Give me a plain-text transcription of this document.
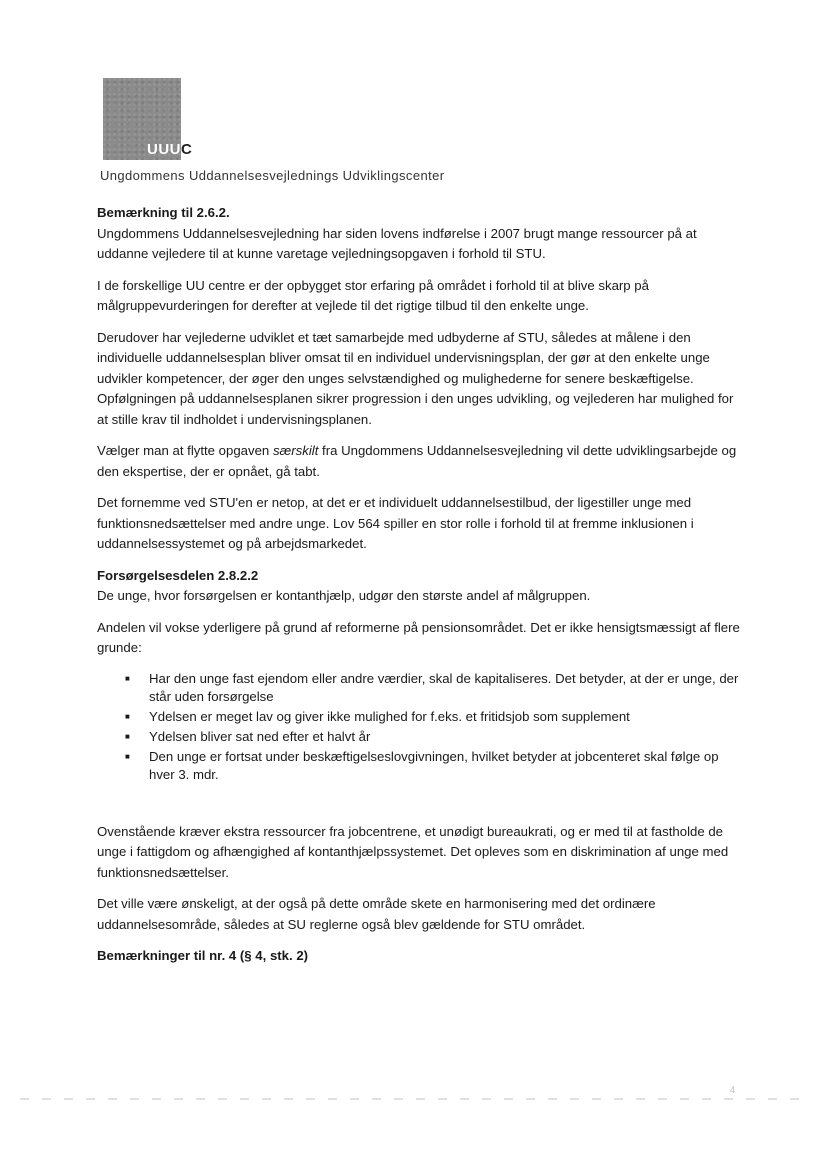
UUUC
Ungdommens Uddannelsesvejlednings Udviklingscenter

Bemærkning til 2.6.2.

Ungdommens Uddannelsesvejledning har siden lovens indførelse i 2007 brugt mange ressourcer på at uddanne vejledere til at kunne varetage vejledningsopgaven i forhold til STU.

I de forskellige UU centre er der opbygget stor erfaring på området i forhold til at blive skarp på målgruppevurderingen for derefter at vejlede til det rigtige tilbud til den enkelte unge.

Derudover har vejlederne udviklet et tæt samarbejde med udbyderne af STU, således at målene i den individuelle uddannelsesplan bliver omsat til en individuel undervisningsplan, der gør at den enkelte unge udvikler kompetencer, der øger den unges selvstændighed og mulighederne for senere beskæftigelse. Opfølgningen på uddannelsesplanen sikrer progression i den unges udvikling, og vejlederen har mulighed for at stille krav til indholdet i undervisningsplanen.

Vælger man at flytte opgaven særskilt fra Ungdommens Uddannelsesvejledning vil dette udviklingsarbejde og den ekspertise, der er opnået, gå tabt.

Det fornemme ved STU'en er netop, at det er et individuelt uddannelsestilbud, der ligestiller unge med funktionsnedsættelser med andre unge. Lov 564 spiller en stor rolle i forhold til at fremme inklusionen i uddannelsessystemet og på arbejdsmarkedet.

Forsørgelsesdelen 2.8.2.2

De unge, hvor forsørgelsen er kontanthjælp, udgør den største andel af målgruppen.

Andelen vil vokse yderligere på grund af reformerne på pensionsområdet. Det er ikke hensigtsmæssigt af flere grunde:

■ Har den unge fast ejendom eller andre værdier, skal de kapitaliseres. Det betyder, at der er unge, der står uden forsørgelse
■ Ydelsen er meget lav og giver ikke mulighed for f.eks. et fritidsjob som supplement
■ Ydelsen bliver sat ned efter et halvt år
■ Den unge er fortsat under beskæftigelseslovgivningen, hvilket betyder at jobcenteret skal følge op hver 3. mdr.

Ovenstående kræver ekstra ressourcer fra jobcentrene, et unødigt bureaukrati, og er med til at fastholde de unge i fattigdom og afhængighed af kontanthjælpssystemet. Det opleves som en diskrimination af unge med funktionsnedsættelser.

Det ville være ønskeligt, at der også på dette område skete en harmonisering med det ordinære uddannelsesområde, således at SU reglerne også blev gældende for STU området.

Bemærkninger til nr. 4 (§ 4, stk. 2)

4
